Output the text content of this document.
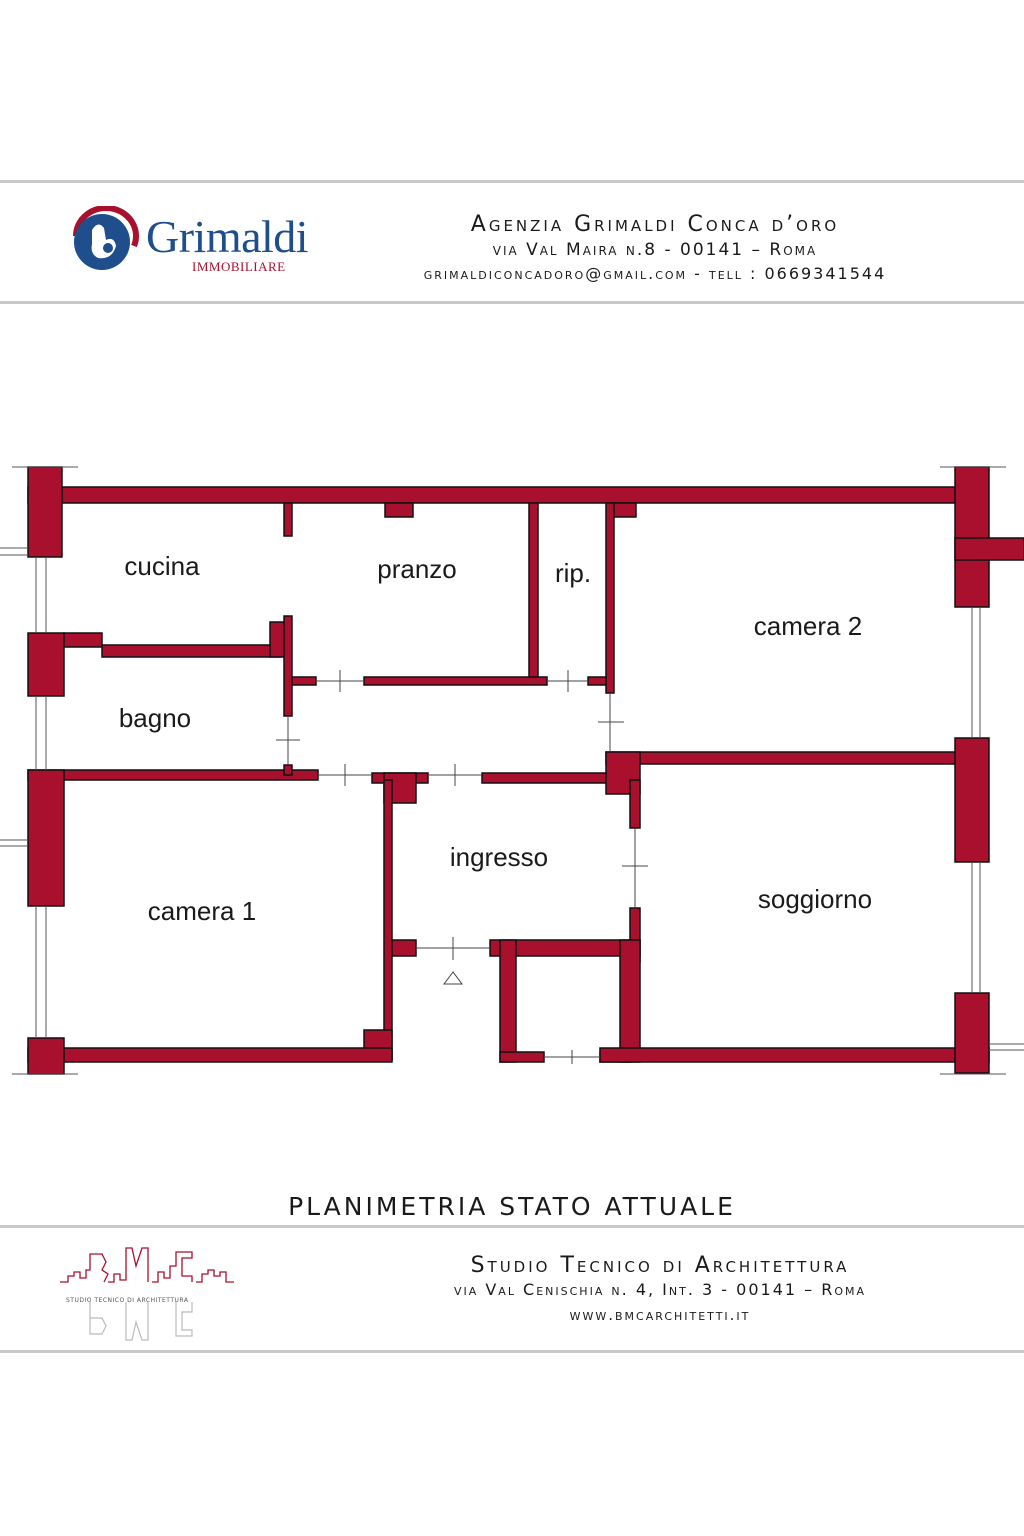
Grimaldi
IMMOBILIARE
Agenzia Grimaldi Conca d’oro
via Val Maira n.8 - 00141 – Roma
grimaldiconcadoro@gmail.com - tell : 0669341544
cucina	pranzo	rip.
camera 2
bagno
camera 1
ingresso
soggiorno
PLANIMETRIA STATO ATTUALE
STUDIO TECNICO DI ARCHITETTURA
Studio Tecnico di Architettura
via Val Cenischia n. 4, Int. 3 - 00141 – Roma
www.bmcarchitetti.it
